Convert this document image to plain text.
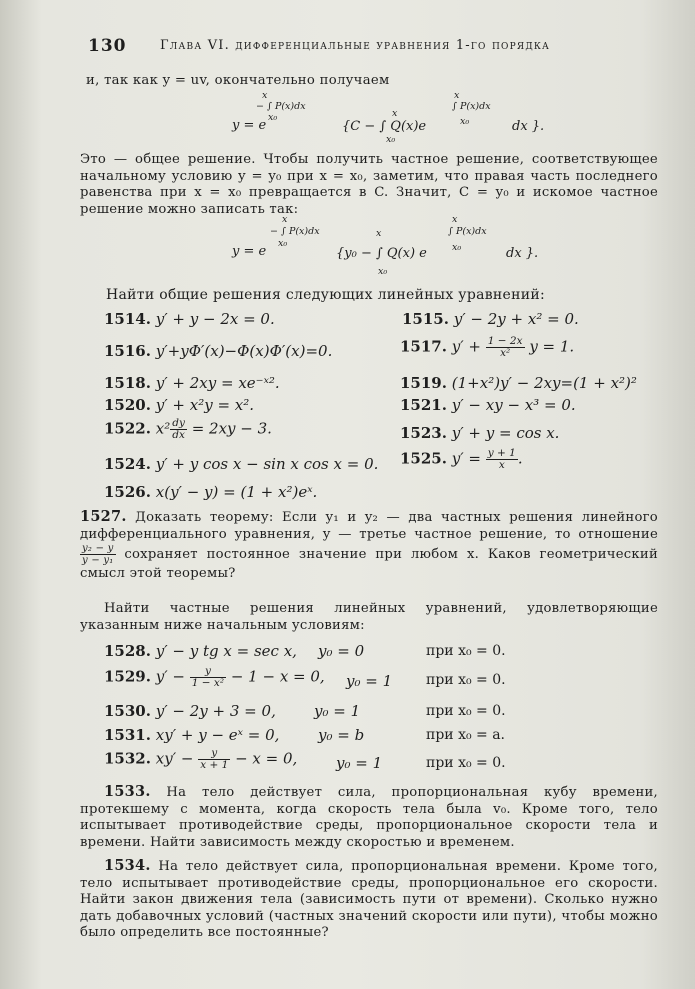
130	Глава VI. дифференциальные уравнения 1-го порядка
и, так как y = uv, окончательно получаем
x
− ∫ P(x)dx
x₀
y = e
x
∫ P(x)dx
x
{C − ∫ Q(x)e	x₀	dx }.
x₀
Это — общее решение. Чтобы получить частное решение, соответствующее начальному условию y = y₀ при x = x₀, заметим, что правая часть последнего равенства при x = x₀ превращается в C. Значит, C = y₀ и искомое частное решение можно записать так:
x
− ∫ P(x)dx
x₀
y = e
x
∫ P(x)dx
x
{y₀ − ∫ Q(x) e	x₀	dx }.
x₀
Найти общие решения следующих линейных уравнений:
1514. y′ + y − 2x = 0.	1515. y′ − 2y + x² = 0.
1516. y′+yΦ′(x)−Φ(x)Φ′(x)=0.	1517. $y' + \frac{1 - 2x}{\text{x²}}$ y = 1.
1518. y′ + 2xy = xe⁻ˣ².	1519. (1+x²)y′ − 2xy=(1 + x²)²
1520. y′ + x²y = x².	1521. y′ − xy − x³ = 0.
1522. $x^2 \frac{dy}{dx} = 2xy - 3$.	1523. y′ + y = cos x.
1524. y′ + y cos x − sin x cos x = 0. 1525. $y' = \frac{y + 1}{x}$ .
1526. x(y′ − y) = (1 + x²)eˣ.
1527. Доказать теорему: Если y₁ и y₂ — два частных решения линейного дифференциального уравнения, y — третье частное решение, то отношение
$\frac{\text{y₂ − y}}{\text{y − y₁}}$ сохраняет постоянное значение при любом x. Каков геометрический смысл этой теоремы?
Найти частные решения линейных уравнений, удовлетворяющие указанным ниже начальным условиям:
1528. y′ − y tg x = sec x, y₀ = 0	при x₀ = 0.
1529. $y' - \frac{y}{\text{1 − x²}} - 1 - x = 0$, y₀ = 1 при x₀ = 0.
1530. y′ − 2y + 3 = 0,	y₀ = 1	при x₀ = 0.
1531. xy′ + y − eˣ = 0,	y₀ = b	при x₀ = a.
1532. $xy' - \frac{y}{x + 1} - x = 0$,	y₀ = 1	при x₀ = 0.
1533. На тело действует сила, пропорциональная кубу времени, протекшему с момента, когда скорость тела была v₀. Кроме того, тело испытывает противодействие среды, пропорциональное скорости тела и времени. Найти зависимость между скоростью и временем.
1534. На тело действует сила, пропорциональная времени. Кроме того, тело испытывает противодействие среды, пропорциональное его скорости. Найти закон движения тела (зависимость пути от времени). Сколько нужно дать добавочных условий (частных значений скорости или пути), чтобы можно было определить все постоянные?
